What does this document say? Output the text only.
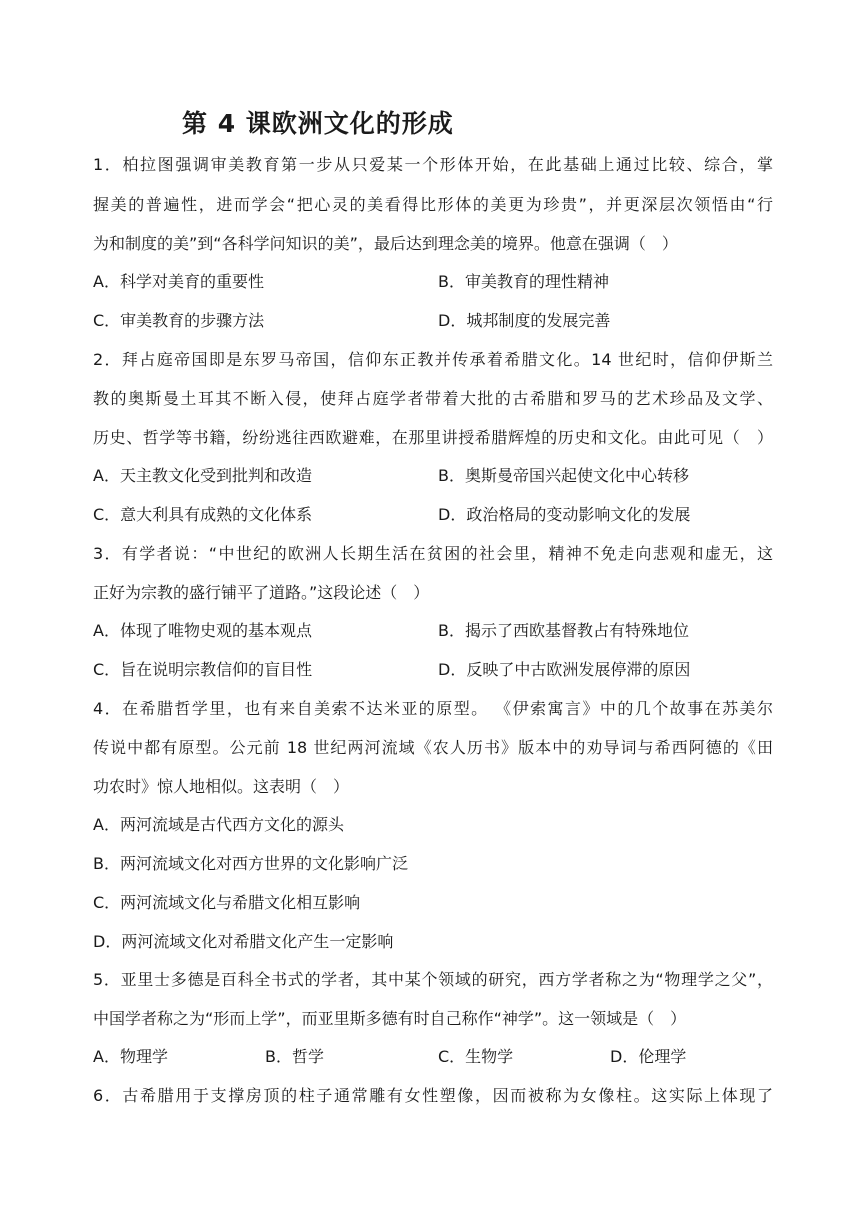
第 4 课欧洲文化的形成
1．柏拉图强调审美教育第一步从只爱某一个形体开始，在此基础上通过比较、综合，掌
握美的普遍性，进而学会“把心灵的美看得比形体的美更为珍贵”，并更深层次领悟由“行
为和制度的美”到“各科学问知识的美”，最后达到理念美的境界。他意在强调（　）
A．科学对美育的重要性	B．审美教育的理性精神
C．审美教育的步骤方法	D．城邦制度的发展完善
2．拜占庭帝国即是东罗马帝国，信仰东正教并传承着希腊文化。14 世纪时，信仰伊斯兰
教的奥斯曼土耳其不断入侵，使拜占庭学者带着大批的古希腊和罗马的艺术珍品及文学、
历史、哲学等书籍，纷纷逃往西欧避难，在那里讲授希腊辉煌的历史和文化。由此可见（　）
A．天主教文化受到批判和改造	B．奥斯曼帝国兴起使文化中心转移
C．意大利具有成熟的文化体系	D．政治格局的变动影响文化的发展
3．有学者说：“中世纪的欧洲人长期生活在贫困的社会里，精神不免走向悲观和虚无，这
正好为宗教的盛行铺平了道路。”这段论述（　）
A．体现了唯物史观的基本观点	B．揭示了西欧基督教占有特殊地位
C．旨在说明宗教信仰的盲目性	D．反映了中古欧洲发展停滞的原因
4．在希腊哲学里，也有来自美索不达米亚的原型。 《伊索寓言》中的几个故事在苏美尔
传说中都有原型。公元前 18 世纪两河流域《农人历书》版本中的劝导词与希西阿德的《田
功农时》惊人地相似。这表明（　）
A．两河流域是古代西方文化的源头
B．两河流域文化对西方世界的文化影响广泛
C．两河流域文化与希腊文化相互影响
D．两河流域文化对希腊文化产生一定影响
5．亚里士多德是百科全书式的学者，其中某个领域的研究，西方学者称之为“物理学之父”，
中国学者称之为“形而上学”，而亚里斯多德有时自己称作“神学”。这一领域是（　）
A．物理学	B．哲学	C．生物学	D．伦理学
6．古希腊用于支撑房顶的柱子通常雕有女性塑像，因而被称为女像柱。这实际上体现了
